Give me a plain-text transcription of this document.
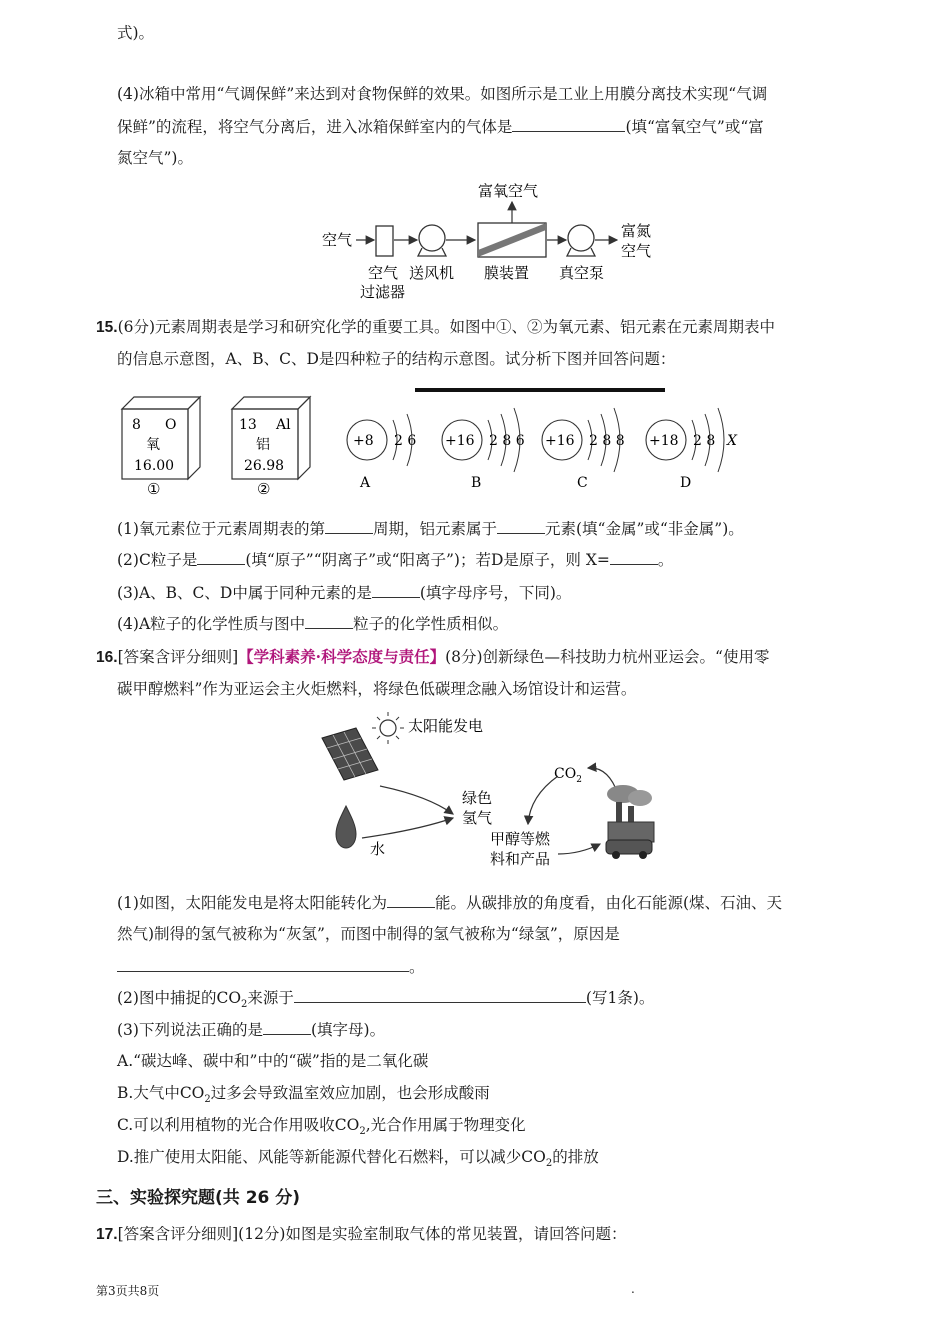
式)。
(4)冰箱中常用“气调保鲜”来达到对食物保鲜的效果。如图所示是工业上用膜分离技术实现“气调
保鲜”的流程，将空气分离后，进入冰箱保鲜室内的气体是	(填“富氧空气”或“富
氮空气”)。
空气
富氧空气
富氮
空气
空气
过滤器
送风机 膜装置 真空泵
15.(6分)元素周期表是学习和研究化学的重要工具。如图中①、②为氧元素、铝元素在元素周期表中
的信息示意图，A、B、C、D是四种粒子的结构示意图。试分析下图并回答问题：
8 O
氧
16.00
①
13 Al
铝
26.98
②
+8 2 6
A
+16 2 8 6
B
+16 2 8 8
C
+18 2 8 X
D
(1)氧元素位于元素周期表的第	周期，铝元素属于	元素(填“金属”或“非金属”)。
(2)C粒子是	(填“原子”“阴离子”或“阳离子”)；若D是原子，则 X=	。
(3)A、B、C、D中属于同种元素的是	(填字母序号，下同)。
(4)A粒子的化学性质与图中	粒子的化学性质相似。
16.[答案含评分细则]【学科素养·科学态度与责任】(8分)创新绿色—科技助力杭州亚运会。“使用零
碳甲醇燃料”作为亚运会主火炬燃料，将绿色低碳理念融入场馆设计和运营。
太阳能发电
水
绿色
氢气
$CO_2$
甲醇等燃
料和产品
(1)如图，太阳能发电是将太阳能转化为	能。从碳排放的角度看，由化石能源(煤、石油、天
然气)制得的氢气被称为“灰氢”，而图中制得的氢气被称为“绿氢”，原因是
。
(2)图中捕捉的$CO_2$来源于	(写1条)。
(3)下列说法正确的是	(填字母)。
A.“碳达峰、碳中和”中的“碳”指的是二氧化碳
B.大气中$CO_2$过多会导致温室效应加剧，也会形成酸雨
C.可以利用植物的光合作用吸收$CO_2$,光合作用属于物理变化
D.推广使用太阳能、风能等新能源代替化石燃料，可以减少$CO_2$的排放
三、实验探究题(共 26 分)
17.[答案含评分细则](12分)如图是实验室制取气体的常见装置，请回答问题：
第3页共8页	.
